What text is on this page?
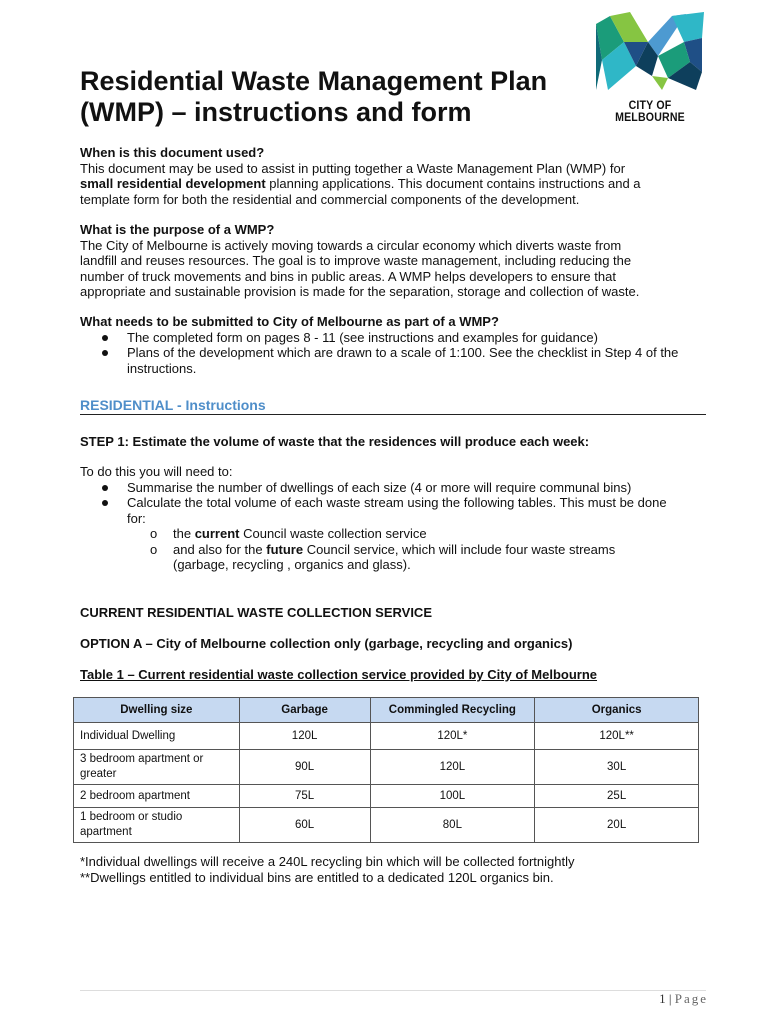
Residential Waste Management Plan
(WMP) – instructions and form	CITY OF MELBOURNE
When is this document used?
This document may be used to assist in putting together a Waste Management Plan (WMP) for
small residential development planning applications. This document contains instructions and a
template form for both the residential and commercial components of the development.
What is the purpose of a WMP?
The City of Melbourne is actively moving towards a circular economy which diverts waste from
landfill and reuses resources. The goal is to improve waste management, including reducing the
number of truck movements and bins in public areas. A WMP helps developers to ensure that
appropriate and sustainable provision is made for the separation, storage and collection of waste.
What needs to be submitted to City of Melbourne as part of a WMP?
The completed form on pages 8 - 11 (see instructions and examples for guidance)
Plans of the development which are drawn to a scale of 1:100. See the checklist in Step 4 of the instructions.
RESIDENTIAL - Instructions
STEP 1: Estimate the volume of waste that the residences will produce each week:
To do this you will need to:
Summarise the number of dwellings of each size (4 or more will require communal bins)
Calculate the total volume of each waste stream using the following tables. This must be done for:
o the current Council waste collection service
o and also for the future Council service, which will include four waste streams (garbage, recycling , organics and glass).
CURRENT RESIDENTIAL WASTE COLLECTION SERVICE
OPTION A – City of Melbourne collection only (garbage, recycling and organics)
Table 1 – Current residential waste collection service provided by City of Melbourne
Dwelling size	Garbage	Commingled Recycling	Organics
Individual Dwelling	120L	120L*	120L**
3 bedroom apartment or greater	90L	120L	30L
2 bedroom apartment	75L	100L	25L
1 bedroom or studio apartment	60L	80L	20L
*Individual dwellings will receive a 240L recycling bin which will be collected fortnightly
**Dwellings entitled to individual bins are entitled to a dedicated 120L organics bin.
1 | Page
